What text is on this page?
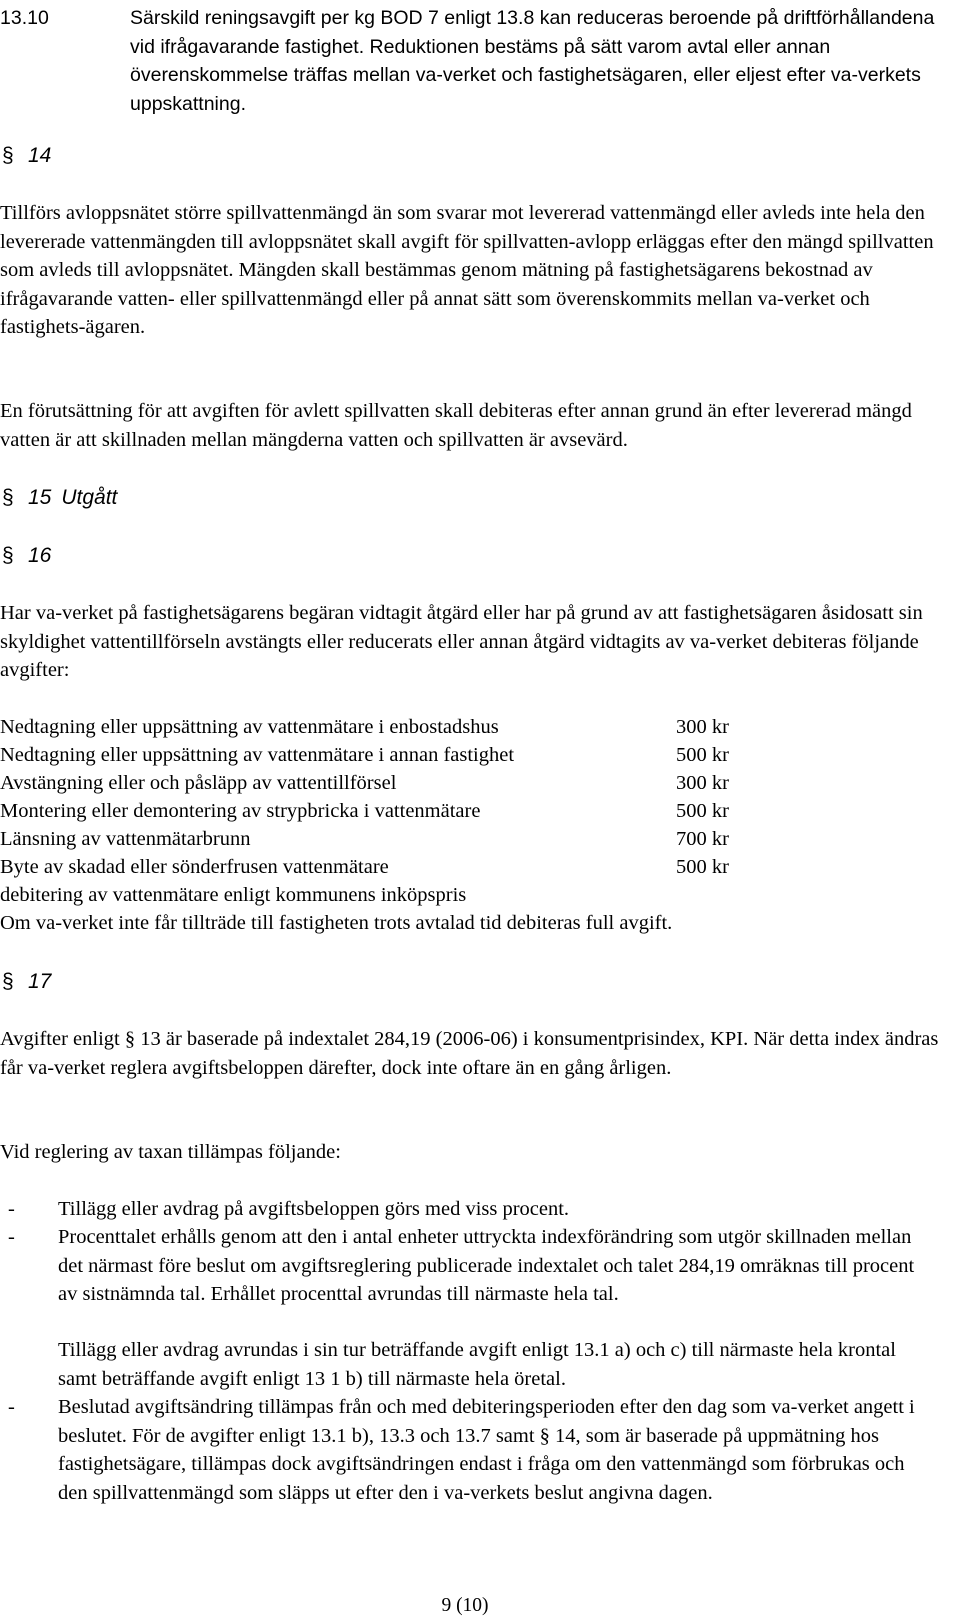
13.10	Särskild reningsavgift per kg BOD 7 enligt 13.8 kan reduceras beroende på driftförhållandena vid ifrågavarande fastighet. Reduktionen bestäms på sätt varom avtal eller annan överenskommelse träffas mellan va-verket och fastighetsägaren, eller eljest efter va-verkets uppskattning.
§ 14

Tillförs avloppsnätet större spillvattenmängd än som svarar mot levererad vattenmängd eller avleds inte hela den levererade vattenmängden till avloppsnätet skall avgift för spillvatten-avlopp erläggas efter den mängd spillvatten som avleds till avloppsnätet. Mängden skall bestämmas genom mätning på fastighetsägarens bekostnad av ifrågavarande vatten- eller spillvattenmängd eller på annat sätt som överenskommits mellan va-verket och fastighets-ägaren.

En förutsättning för att avgiften för avlett spillvatten skall debiteras efter annan grund än efter levererad mängd vatten är att skillnaden mellan mängderna vatten och spillvatten är avsevärd.

§ 15 Utgått
§ 16

Har va-verket på fastighetsägarens begäran vidtagit åtgärd eller har på grund av att fastighetsägaren åsidosatt sin skyldighet vattentillförseln avstängts eller reducerats eller annan åtgärd vidtagits av va-verket debiteras följande avgifter:

Nedtagning eller uppsättning av vattenmätare i enbostadshus	300 kr
Nedtagning eller uppsättning av vattenmätare i annan fastighet	500 kr
Avstängning eller och påsläpp av vattentillförsel	300 kr
Montering eller demontering av strypbricka i vattenmätare	500 kr
Länsning av vattenmätarbrunn	700 kr
Byte av skadad eller sönderfrusen vattenmätare	500 kr

debitering av vattenmätare enligt kommunens inköpspris

Om va-verket inte får tillträde till fastigheten trots avtalad tid debiteras full avgift.

§ 17

Avgifter enligt § 13 är baserade på indextalet 284,19 (2006-06) i konsumentprisindex, KPI. När detta index ändras får va-verket reglera avgiftsbeloppen därefter, dock inte oftare än en gång årligen.

Vid reglering av taxan tillämpas följande:

- Tillägg eller avdrag på avgiftsbeloppen görs med viss procent.
- Procenttalet erhålls genom att den i antal enheter uttryckta indexförändring som utgör skillnaden mellan det närmast före beslut om avgiftsreglering publicerade indextalet och talet 284,19 omräknas till procent av sistnämnda tal. Erhållet procenttal avrundas till närmaste hela tal.

Tillägg eller avdrag avrundas i sin tur beträffande avgift enligt 13.1 a) och c) till närmaste hela krontal samt beträffande avgift enligt 13 1 b) till närmaste hela öretal.

- Beslutad avgiftsändring tillämpas från och med debiteringsperioden efter den dag som va-verket angett i beslutet. För de avgifter enligt 13.1 b), 13.3 och 13.7 samt § 14, som är baserade på uppmätning hos fastighetsägare, tillämpas dock avgiftsändringen endast i fråga om den vattenmängd som förbrukas och den spillvattenmängd som släpps ut efter den i va-verkets beslut angivna dagen.
9 (10)
